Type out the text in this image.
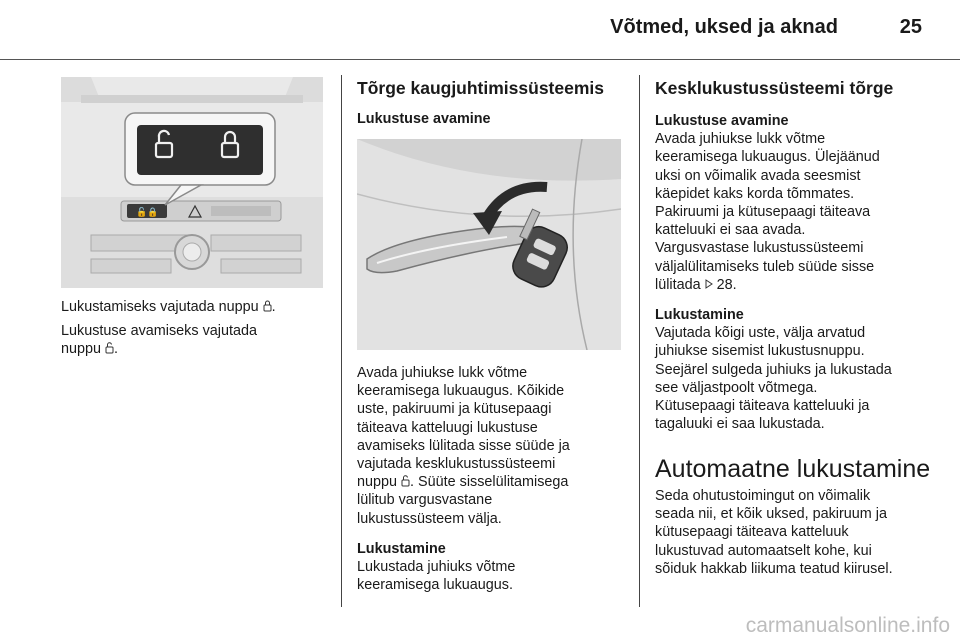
Võtmed, uksed ja aknad	25
🔓🔒

Lukustamiseks vajutada nuppu .

Lukustuse avamiseks vajutada
nuppu .

Tõrge kaugjuhtimissüsteemis
Lukustuse avamine

Avada juhiukse lukk võtme
keeramisega lukuaugus. Kõikide
uste, pakiruumi ja kütusepaagi
täiteava katteluugi lukustuse
avamiseks lülitada sisse süüde ja
vajutada kesklukustussüsteemi
nuppu . Süüte sisselülitamisega
lülitub vargusvastane
lukustussüsteem välja.

Lukustamine
Lukustada juhiuks võtme
keeramisega lukuaugus.

Kesklukustussüsteemi tõrge

Lukustuse avamine
Avada juhiukse lukk võtme
keeramisega lukuaugus. Ülejäänud
uksi on võimalik avada seesmist
käepidet kaks korda tõmmates.
Pakiruumi ja kütusepaagi täiteava
katteluuki ei saa avada.
Vargusvastase lukustussüsteemi
väljalülitamiseks tuleb süüde sisse
lülitada 28.

Lukustamine
Vajutada kõigi uste, välja arvatud
juhiukse sisemist lukustusnuppu.
Seejärel sulgeda juhiuks ja lukustada
see väljastpoolt võtmega.
Kütusepaagi täiteava katteluuki ja
tagaluuki ei saa lukustada.

Automaatne lukustamine

Seda ohutustoimingut on võimalik
seada nii, et kõik uksed, pakiruum ja
kütusepaagi täiteava katteluuk
lukustuvad automaatselt kohe, kui
sõiduk hakkab liikuma teatud kiirusel.

carmanualsonline.info
